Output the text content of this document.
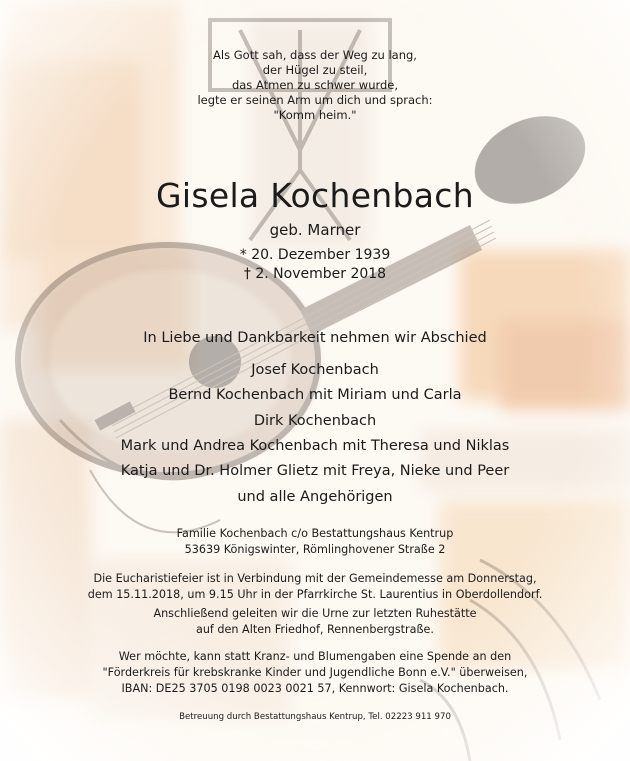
Als Gott sah, dass der Weg zu lang,
der Hügel zu steil,
das Atmen zu schwer wurde,
legte er seinen Arm um dich und sprach:
"Komm heim."
Gisela Kochenbach
geb. Marner
* 20. Dezember 1939
† 2. November 2018
In Liebe und Dankbarkeit nehmen wir Abschied
Josef Kochenbach
Bernd Kochenbach mit Miriam und Carla
Dirk Kochenbach
Mark und Andrea Kochenbach mit Theresa und Niklas
Katja und Dr. Holmer Glietz mit Freya, Nieke und Peer
und alle Angehörigen
Familie Kochenbach c/o Bestattungshaus Kentrup
53639 Königswinter, Römlinghovener Straße 2
Die Eucharistiefeier ist in Verbindung mit der Gemeindemesse am Donnerstag,
dem 15.11.2018, um 9.15 Uhr in der Pfarrkirche St. Laurentius in Oberdollendorf.
Anschließend geleiten wir die Urne zur letzten Ruhestätte
auf den Alten Friedhof, Rennenbergstraße.
Wer möchte, kann statt Kranz- und Blumengaben eine Spende an den
"Förderkreis für krebskranke Kinder und Jugendliche Bonn e.V." überweisen,
IBAN: DE25 3705 0198 0023 0021 57, Kennwort: Gisela Kochenbach.
Betreuung durch Bestattungshaus Kentrup, Tel. 02223 911 970
